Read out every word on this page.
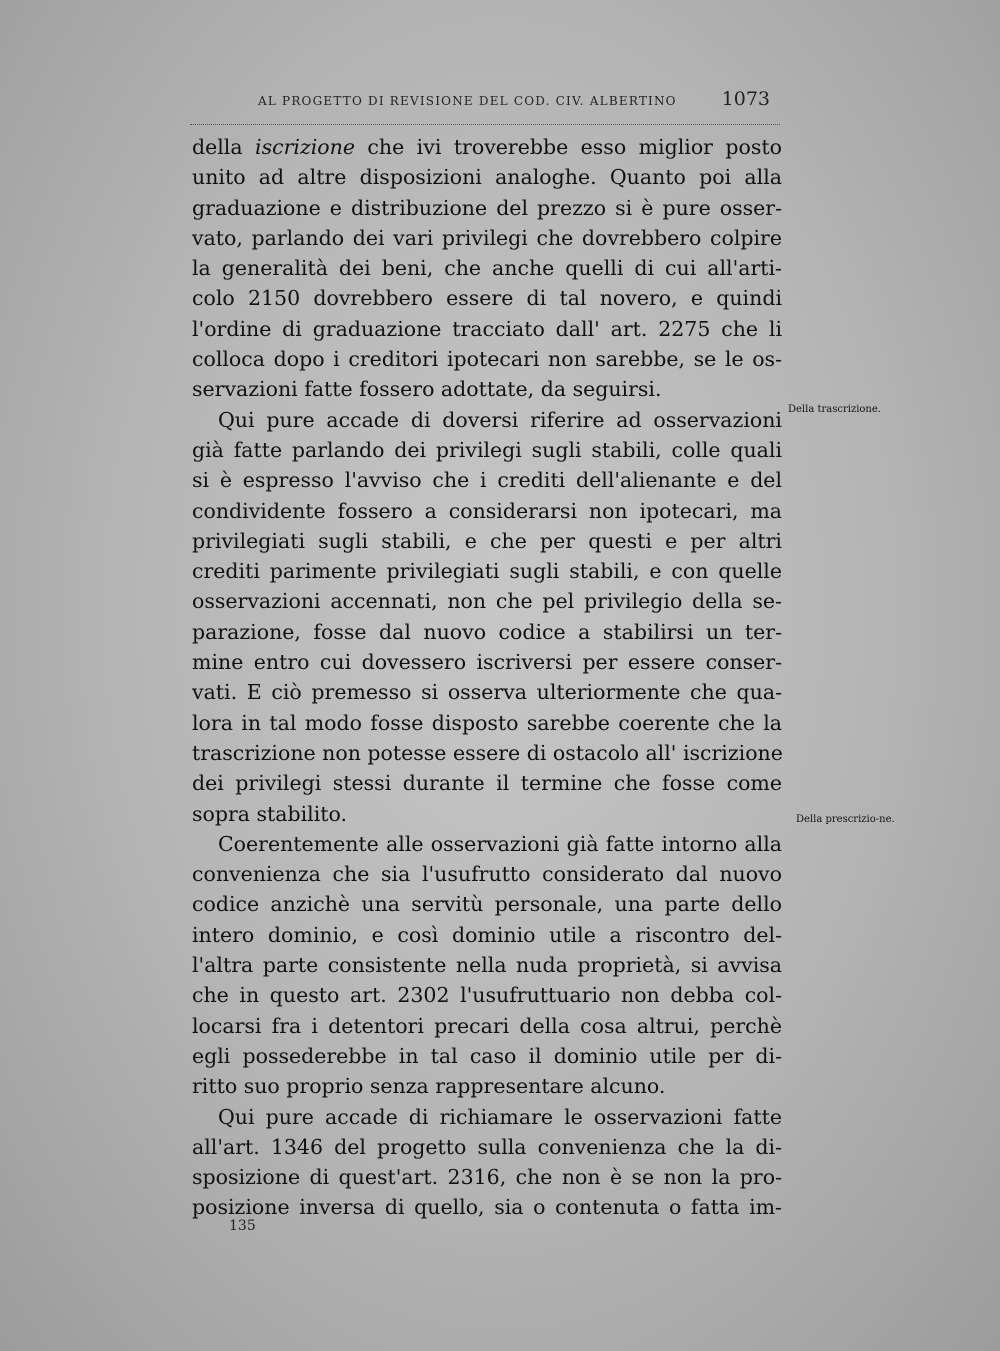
AL PROGETTO DI REVISIONE DEL COD. CIV. ALBERTINO 1073
della iscrizione che ivi troverebbe esso miglior posto
unito ad altre disposizioni analoghe. Quanto poi alla
graduazione e distribuzione del prezzo si è pure osser-
vato, parlando dei vari privilegi che dovrebbero colpire
la generalità dei beni, che anche quelli di cui all'arti-
colo 2150 dovrebbero essere di tal novero, e quindi
l'ordine di graduazione tracciato dall' art. 2275 che li
colloca dopo i creditori ipotecari non sarebbe, se le os-
servazioni fatte fossero adottate, da seguirsi.
Qui pure accade di doversi riferire ad osservazioni
già fatte parlando dei privilegi sugli stabili, colle quali
si è espresso l'avviso che i crediti dell'alienante e del
condividente fossero a considerarsi non ipotecari, ma
privilegiati sugli stabili, e che per questi e per altri
crediti parimente privilegiati sugli stabili, e con quelle
osservazioni accennati, non che pel privilegio della se-
parazione, fosse dal nuovo codice a stabilirsi un ter-
mine entro cui dovessero iscriversi per essere conser-
vati. E ciò premesso si osserva ulteriormente che qua-
lora in tal modo fosse disposto sarebbe coerente che la
trascrizione non potesse essere di ostacolo all' iscrizione
dei privilegi stessi durante il termine che fosse come
sopra stabilito.
Coerentemente alle osservazioni già fatte intorno alla
convenienza che sia l'usufrutto considerato dal nuovo
codice anzichè una servitù personale, una parte dello
intero dominio, e così dominio utile a riscontro del-
l'altra parte consistente nella nuda proprietà, si avvisa
che in questo art. 2302 l'usufruttuario non debba col-
locarsi fra i detentori precari della cosa altrui, perchè
egli possederebbe in tal caso il dominio utile per di-
ritto suo proprio senza rappresentare alcuno.
Qui pure accade di richiamare le osservazioni fatte
all'art. 1346 del progetto sulla convenienza che la di-
sposizione di quest'art. 2316, che non è se non la pro-
posizione inversa di quello, sia o contenuta o fatta im-
Della trascrizione.
Della prescrizio-ne.
135
